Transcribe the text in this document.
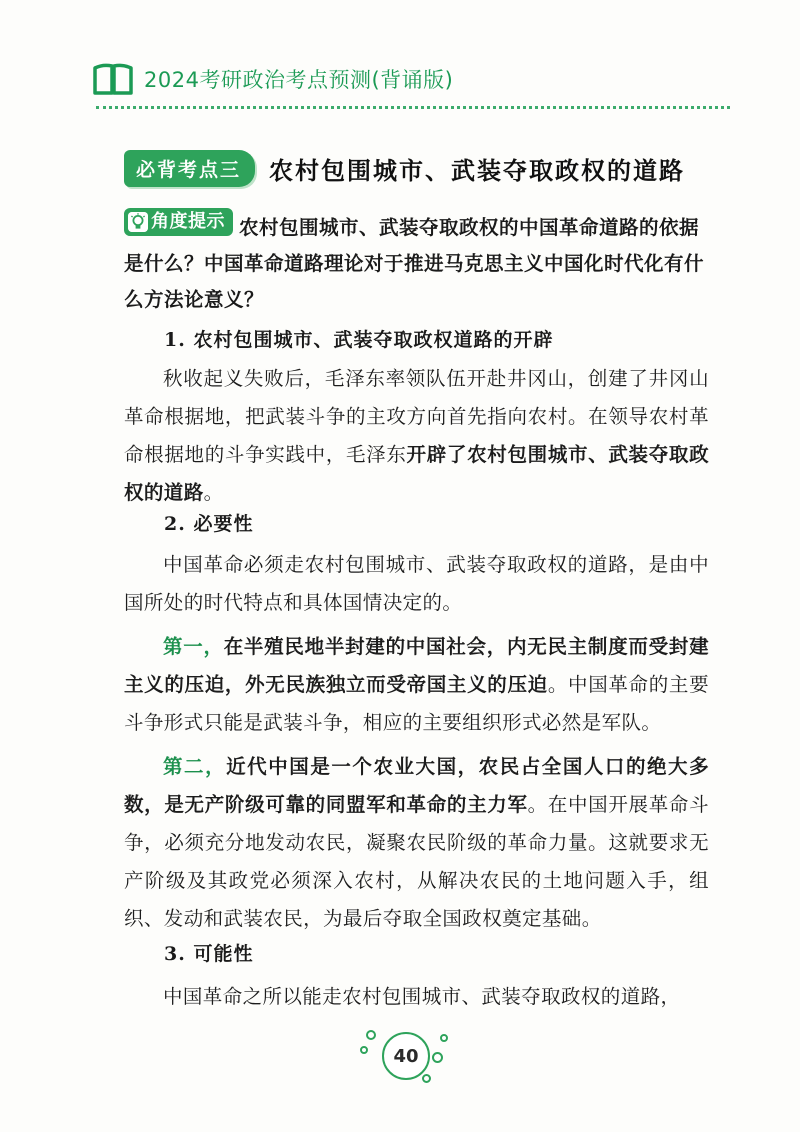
2024考研政治考点预测(背诵版)
必背考点三	农村包围城市、武装夺取政权的道路
角度提示 农村包围城市、武装夺取政权的中国革命道路的依据是什么？中国革命道路理论对于推进马克思主义中国化时代化有什么方法论意义？

1. 农村包围城市、武装夺取政权道路的开辟

秋收起义失败后，毛泽东率领队伍开赴井冈山，创建了井冈山革命根据地，把武装斗争的主攻方向首先指向农村。在领导农村革命根据地的斗争实践中，毛泽东开辟了农村包围城市、武装夺取政权的道路。

2. 必要性

中国革命必须走农村包围城市、武装夺取政权的道路，是由中国所处的时代特点和具体国情决定的。

第一，在半殖民地半封建的中国社会，内无民主制度而受封建主义的压迫，外无民族独立而受帝国主义的压迫。中国革命的主要斗争形式只能是武装斗争，相应的主要组织形式必然是军队。

第二，近代中国是一个农业大国，农民占全国人口的绝大多数，是无产阶级可靠的同盟军和革命的主力军。在中国开展革命斗争，必须充分地发动农民，凝聚农民阶级的革命力量。这就要求无产阶级及其政党必须深入农村，从解决农民的土地问题入手，组织、发动和武装农民，为最后夺取全国政权奠定基础。

3. 可能性

中国革命之所以能走农村包围城市、武装夺取政权的道路，

40
